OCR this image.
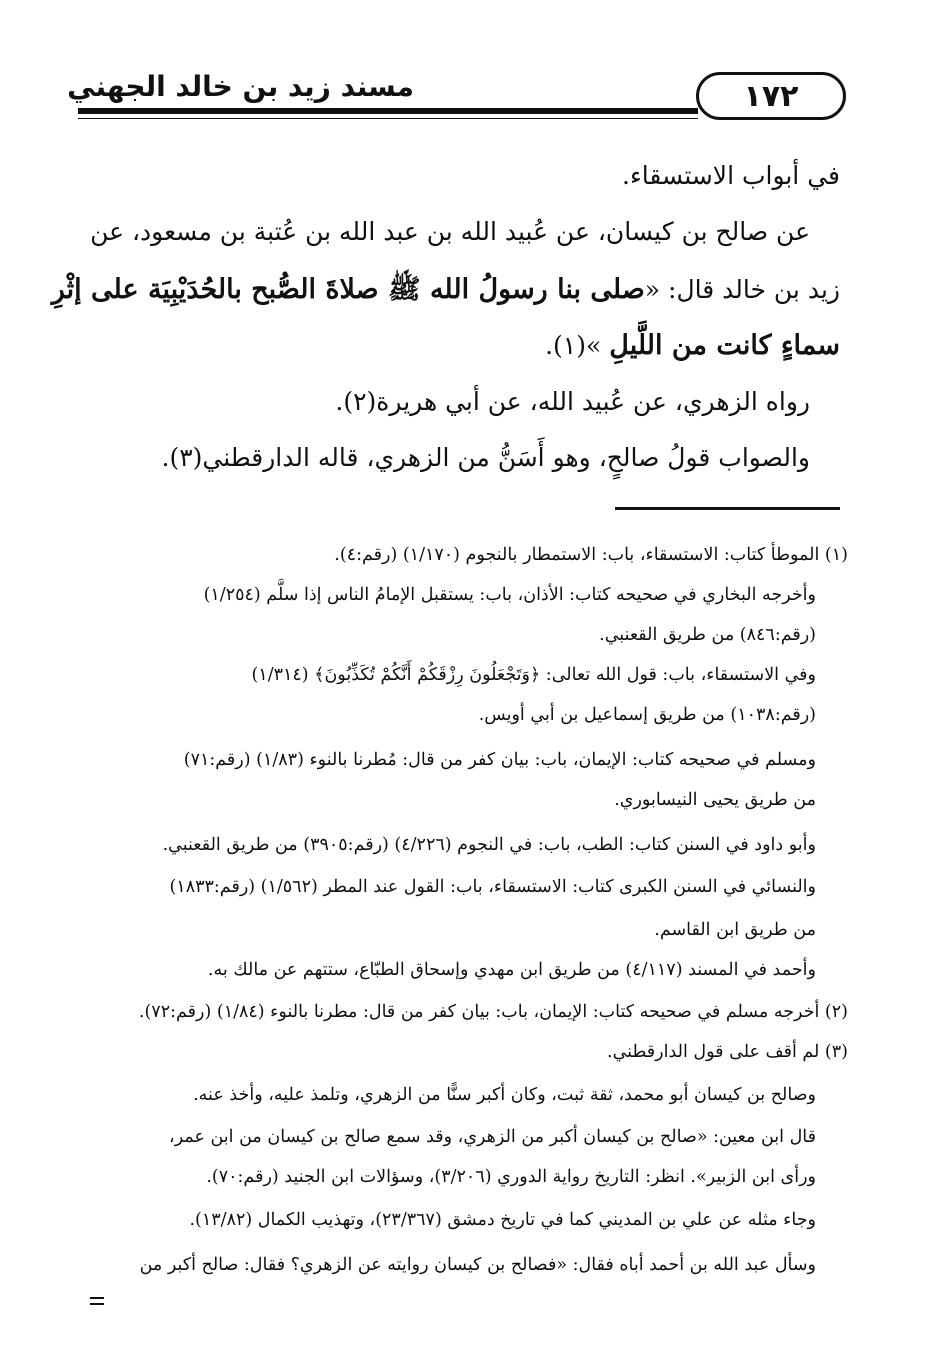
مسند زيد بن خالد الجهني	١٧٢
في أبواب الاستسقاء.
عن صالح بن كيسان، عن عُبيد الله بن عبد الله بن عُتبة بن مسعود، عن
زيد بن خالد قال: «صلى بنا رسولُ الله ﷺ صلاةَ الصُّبح بالحُدَيْبِيَة على إثْرِ
سماءٍ كانت من اللَّيلِ »(١).
رواه الزهري، عن عُبيد الله، عن أبي هريرة(٢).
والصواب قولُ صالحٍ، وهو أَسَنُّ من الزهري، قاله الدارقطني(٣).
(١) الموطأ كتاب: الاستسقاء، باب: الاستمطار بالنجوم (١/١٧٠) (رقم:٤).
وأخرجه البخاري في صحيحه كتاب: الأذان، باب: يستقبل الإمامُ الناس إذا سلَّم (١/٢٥٤)
(رقم:٨٤٦) من طريق القعنبي.
وفي الاستسقاء، باب: قول الله تعالى: ﴿وَتَجْعَلُونَ رِزْقَكُمْ أَنَّكُمْ تُكَذِّبُونَ﴾ (١/٣١٤)
(رقم:١٠٣٨) من طريق إسماعيل بن أبي أويس.
ومسلم في صحيحه كتاب: الإيمان، باب: بيان كفر من قال: مُطرنا بالنوء (١/٨٣) (رقم:٧١)
من طريق يحيى النيسابوري.
وأبو داود في السنن كتاب: الطب، باب: في النجوم (٤/٢٢٦) (رقم:٣٩٠٥) من طريق القعنبي.
والنسائي في السنن الكبرى كتاب: الاستسقاء، باب: القول عند المطر (١/٥٦٢) (رقم:١٨٣٣)
من طريق ابن القاسم.
وأحمد في المسند (٤/١١٧) من طريق ابن مهدي وإسحاق الطبّاع، ستتهم عن مالك به.
(٢) أخرجه مسلم في صحيحه كتاب: الإيمان، باب: بيان كفر من قال: مطرنا بالنوء (١/٨٤) (رقم:٧٢).
(٣) لم أقف على قول الدارقطني.
وصالح بن كيسان أبو محمد، ثقة ثبت، وكان أكبر سنًّا من الزهري، وتلمذ عليه، وأخذ عنه.
قال ابن معين: «صالح بن كيسان أكبر من الزهري، وقد سمع صالح بن كيسان من ابن عمر،
ورأى ابن الزبير». انظر: التاريخ رواية الدوري (٣/٢٠٦)، وسؤالات ابن الجنيد (رقم:٧٠).
وجاء مثله عن علي بن المديني كما في تاريخ دمشق (٢٣/٣٦٧)، وتهذيب الكمال (١٣/٨٢).
وسأل عبد الله بن أحمد أباه فقال: «فصالح بن كيسان روايته عن الزهري؟ فقال: صالح أكبر من
